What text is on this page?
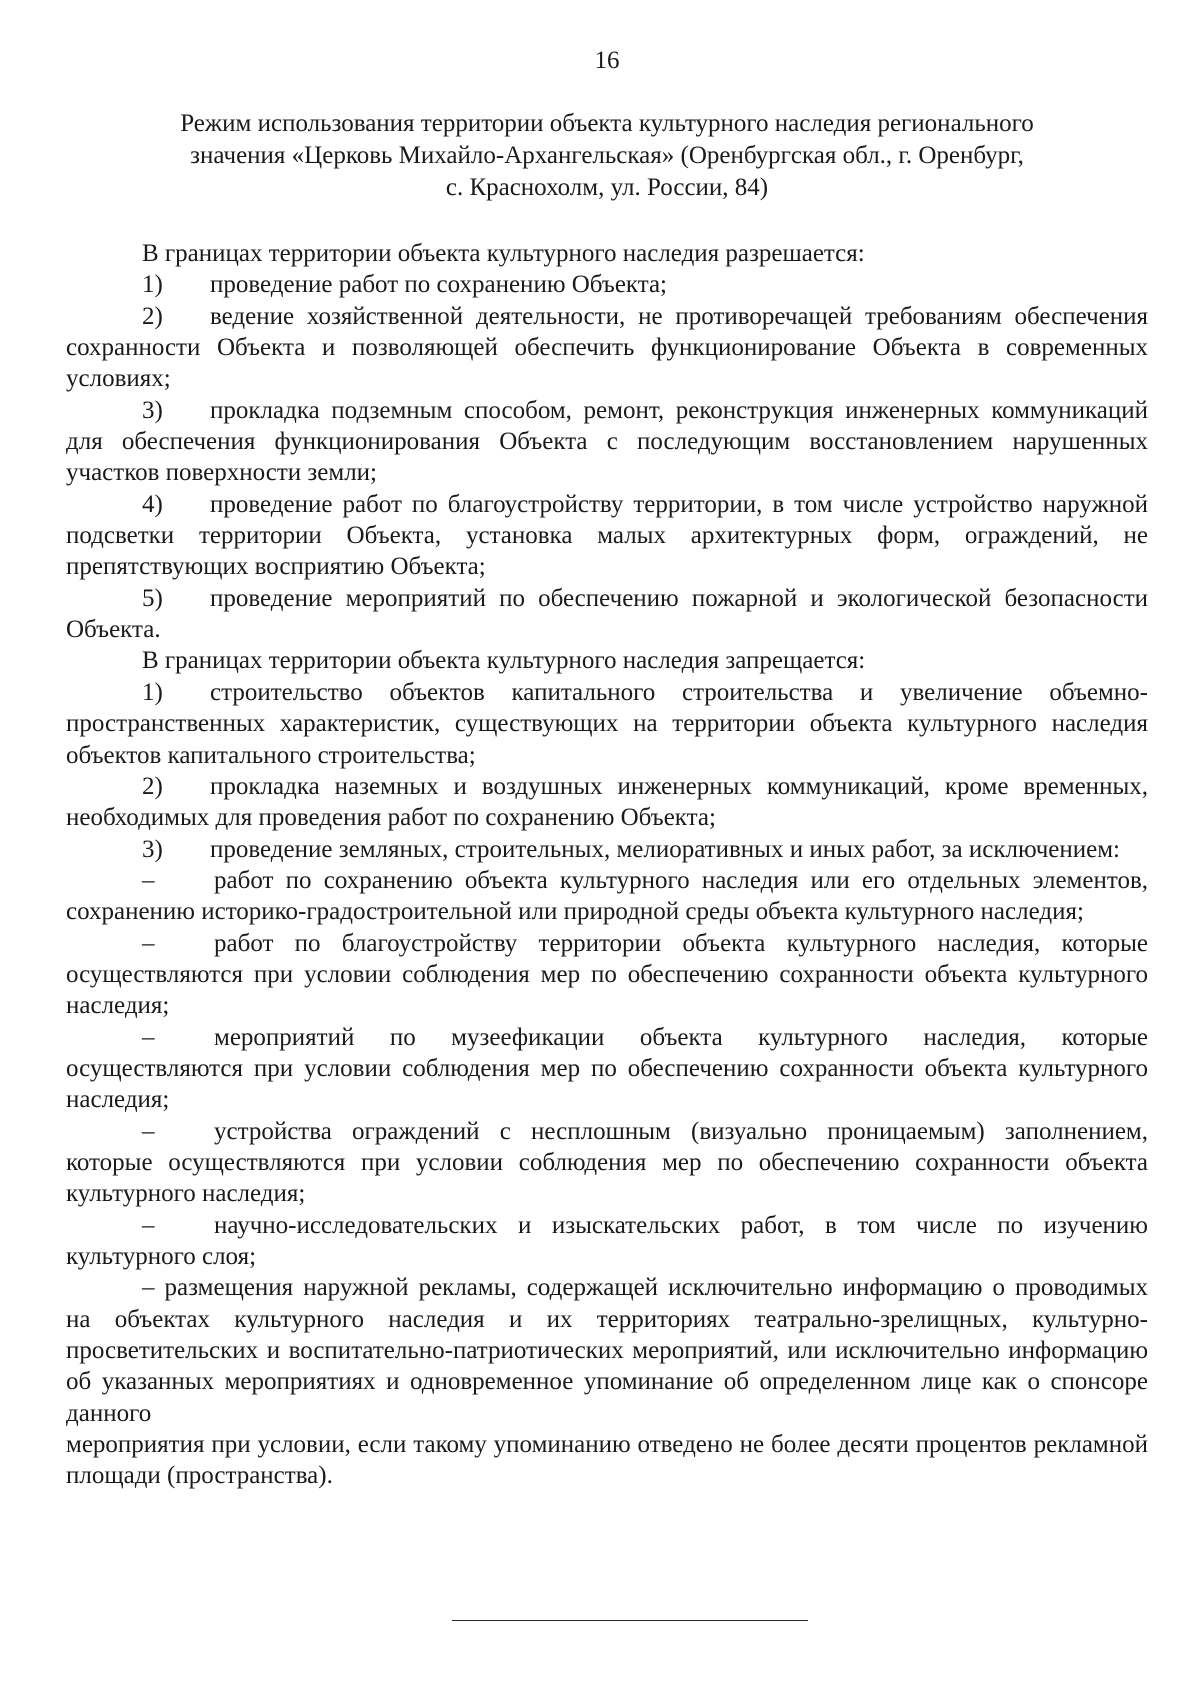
16
Режим использования территории объекта культурного наследия регионального
значения «Церковь Михайло-Архангельская» (Оренбургская обл., г. Оренбург,
с. Краснохолм, ул. России, 84)

В границах территории объекта культурного наследия разрешается:

1) проведение работ по сохранению Объекта;

2) ведение хозяйственной деятельности, не противоречащей требованиям обеспечения сохранности Объекта и позволяющей обеспечить функционирование Объекта в современных условиях;

3) прокладка подземным способом, ремонт, реконструкция инженерных коммуникаций для обеспечения функционирования Объекта с последующим восстановлением нарушенных участков поверхности земли;

4) проведение работ по благоустройству территории, в том числе устройство наружной подсветки территории Объекта, установка малых архитектурных форм, ограждений, не препятствующих восприятию Объекта;

5) проведение мероприятий по обеспечению пожарной и экологической безопасности Объекта.

В границах территории объекта культурного наследия запрещается:

1) строительство объектов капитального строительства и увеличение объемно-пространственных характеристик, существующих на территории объекта культурного наследия объектов капитального строительства;

2) прокладка наземных и воздушных инженерных коммуникаций, кроме временных, необходимых для проведения работ по сохранению Объекта;

3) проведение земляных, строительных, мелиоративных и иных работ, за исключением:

– работ по сохранению объекта культурного наследия или его отдельных элементов, сохранению историко-градостроительной или природной среды объекта культурного наследия;

– работ по благоустройству территории объекта культурного наследия, которые осуществляются при условии соблюдения мер по обеспечению сохранности объекта культурного наследия;

– мероприятий по музеефикации объекта культурного наследия, которые осуществляются при условии соблюдения мер по обеспечению сохранности объекта культурного наследия;

– устройства ограждений с несплошным (визуально проницаемым) заполнением, которые осуществляются при условии соблюдения мер по обеспечению сохранности объекта культурного наследия;

– научно-исследовательских и изыскательских работ, в том числе по изучению культурного слоя;

– размещения наружной рекламы, содержащей исключительно информацию о проводимых на объектах культурного наследия и их территориях театрально-зрелищных, культурно-просветительских и воспитательно-патриотических мероприятий, или исключительно информацию об указанных мероприятиях и одновременное упоминание об определенном лице как о спонсоре данного

мероприятия при условии, если такому упоминанию отведено не более десяти процентов рекламной площади (пространства).
